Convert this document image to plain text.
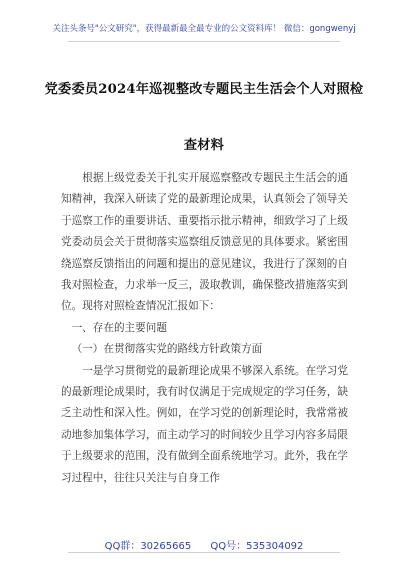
关注头条号"公文研究"，获得最新最全最专业的公文资料库！ 微信：gongwenyj
党委委员2024年巡视整改专题民主生活会个人对照检查材料

根据上级党委关于扎实开展巡察整改专题民主生活会的通知精神，我深入研读了党的最新理论成果，认真领会了领导关于巡察工作的重要讲话、重要指示批示精神，细致学习了上级党委动员会关于贯彻落实巡察组反馈意见的具体要求。紧密围绕巡察反馈指出的问题和提出的意见建议，我进行了深刻的自我对照检查，力求举一反三，汲取教训，确保整改措施落实到位。现将对照检查情况汇报如下：

一、存在的主要问题

（一）在贯彻落实党的路线方针政策方面

一是学习贯彻党的最新理论成果不够深入系统。在学习党的最新理论成果时，我有时仅满足于完成规定的学习任务，缺乏主动性和深入性。例如，在学习党的创新理论时，我常常被动地参加集体学习，而主动学习的时间较少且学习内容多局限于上级要求的范围，没有做到全面系统地学习。此外，我在学习过程中，往往只关注与自身工作

QQ群：30265665 QQ号：535304092
